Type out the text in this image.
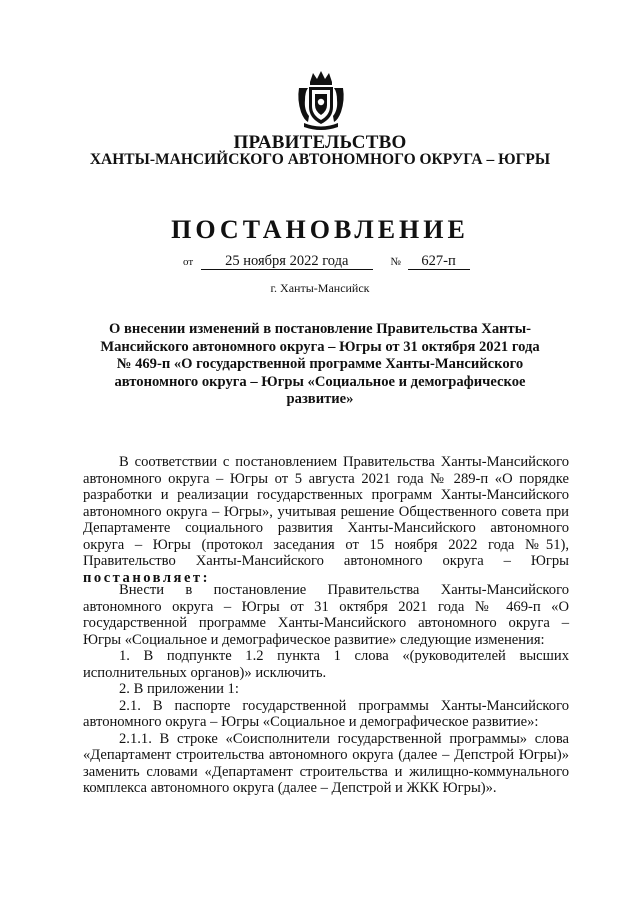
ПРАВИТЕЛЬСТВО
ХАНТЫ-МАНСИЙСКОГО АВТОНОМНОГО ОКРУГА – ЮГРЫ
ПОСТАНОВЛЕНИЕ
от 25 ноября 2022 года	№ 627-п
г. Ханты-Мансийск
О внесении изменений в постановление Правительства Ханты-Мансийского автономного округа – Югры от 31 октября 2021 года № 469-п «О государственной программе Ханты-Мансийского автономного округа – Югры «Социальное и демографическое развитие»

В соответствии с постановлением Правительства Ханты-Мансийского автономного округа – Югры от 5 августа 2021 года № 289-п «О порядке разработки и реализации государственных программ Ханты-Мансийского автономного округа – Югры», учитывая решение Общественного совета при Департаменте социального развития Ханты-Мансийского автономного округа – Югры (протокол заседания от 15 ноября 2022 года №51), Правительство Ханты-Мансийского автономного округа – Югры постановляет:

Внести в постановление Правительства Ханты-Мансийского автономного округа – Югры от 31 октября 2021 года № 469-п «О государственной программе Ханты-Мансийского автономного округа – Югры «Социальное и демографическое развитие» следующие изменения:

1. В подпункте 1.2 пункта 1 слова «(руководителей высших исполнительных органов)» исключить.

2. В приложении 1:

2.1. В паспорте государственной программы Ханты-Мансийского автономного округа – Югры «Социальное и демографическое развитие»:

2.1.1. В строке «Соисполнители государственной программы» слова «Департамент строительства автономного округа (далее – Депстрой Югры)» заменить словами «Департамент строительства и жилищно-коммунального комплекса автономного округа (далее – Депстрой и ЖКК Югры)».
